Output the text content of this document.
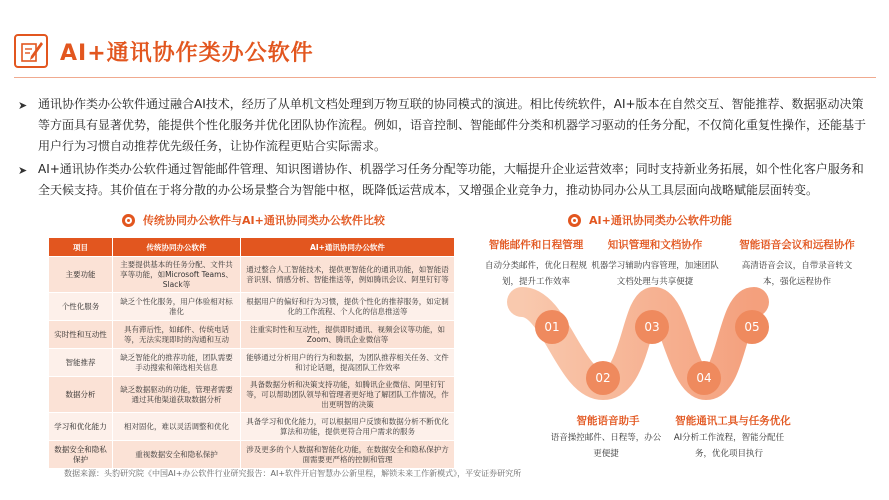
AI+通讯协作类办公软件
➤ 通讯协作类办公软件通过融合AI技术，经历了从单机文档处理到万物互联的协同模式的演进。相比传统软件，AI+版本在自然交互、智能推荐、数据驱动决策等方面具有显著优势，能提供个性化服务并优化团队协作流程。例如，语音控制、智能邮件分类和机器学习驱动的任务分配，不仅简化重复性操作，还能基于用户行为习惯自动推荐优先级任务，让协作流程更贴合实际需求。
➤ AI+通讯协作类办公软件通过智能邮件管理、知识图谱协作、机器学习任务分配等功能，大幅提升企业运营效率；同时支持新业务拓展，如个性化客户服务和全天候支持。其价值在于将分散的办公场景整合为智能中枢，既降低运营成本，又增强企业竞争力，推动协同办公从工具层面向战略赋能层面转变。
传统协同办公软件与AI+通讯协同类办公软件比较	AI+通讯协同类办公软件功能
项目	传统协同办公软件	AI+通讯协同办公软件
主要功能	主要提供基本的任务分配、文件共享等功能，如Microsoft Teams、Slack等	通过整合人工智能技术，提供更智能化的通讯功能，如智能语音识别、情感分析、智能推送等，例如腾讯会议、阿里钉钉等
个性化服务	缺乏个性化服务，用户体验相对标准化	根据用户的偏好和行为习惯，提供个性化的推荐服务，如定制化的工作流程、个人化的信息推送等
实时性和互动性	具有滞后性，如邮件、传统电话等，无法实现即时的沟通和互动	注重实时性和互动性，提供即时通讯、视频会议等功能，如Zoom、腾讯企业微信等
智能推荐	缺乏智能化的推荐功能，团队需要手动搜索和筛选相关信息	能够通过分析用户的行为和数据，为团队推荐相关任务、文件和讨论话题，提高团队工作效率
数据分析	缺乏数据驱动的功能，管理者需要通过其他渠道获取数据分析	具备数据分析和决策支持功能，如腾讯企业微信、阿里钉钉等，可以帮助团队领导和管理者更好地了解团队工作情况，作出更明智的决策
学习和优化能力	相对固化，难以灵活调整和优化	具备学习和优化能力，可以根据用户反馈和数据分析不断优化算法和功能，提供更符合用户需求的服务
数据安全和隐私保护	重视数据安全和隐私保护	涉及更多的个人数据和智能化功能，在数据安全和隐私保护方面需要更严格的控制和管理
01
02
03
04
05
智能邮件和日程管理
自动分类邮件，优化日程规划，提升工作效率
知识管理和文档协作
机器学习辅助内容管理，加速团队文档处理与共享便捷
智能语音会议和远程协作
高清语音会议，自带录音转文本，强化远程协作
智能语音助手
语音操控邮件、日程等，办公更便捷
智能通讯工具与任务优化
AI分析工作流程，智能分配任务，优化项目执行
数据来源：头豹研究院《中国AI+办公软件行业研究报告：AI+软件开启智慧办公新里程，解锁未来工作新模式》，平安证券研究所
